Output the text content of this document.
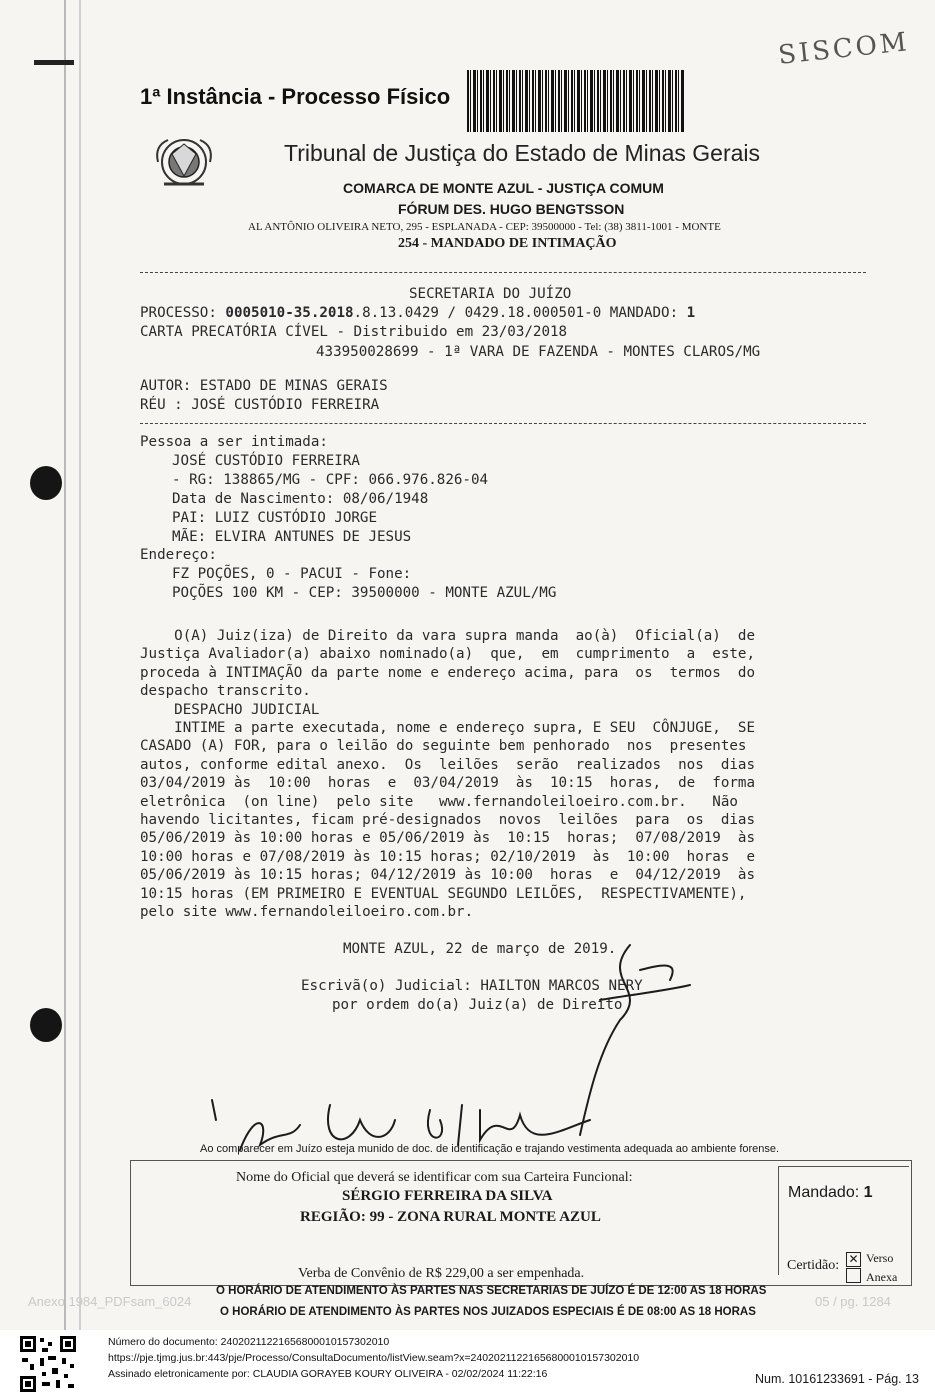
SISCOM
1ª Instância - Processo Físico
Tribunal de Justiça do Estado de Minas Gerais
COMARCA DE MONTE AZUL - JUSTIÇA COMUM
FÓRUM DES. HUGO BENGTSSON
AL ANTÔNIO OLIVEIRA NETO, 295 - ESPLANADA - CEP: 39500000 - Tel: (38) 3811-1001 - MONTE
254 - MANDADO DE INTIMAÇÃO
SECRETARIA DO JUÍZO
PROCESSO: 0005010-35.2018.8.13.0429 / 0429.18.000501-0 MANDADO: 1
CARTA PRECATÓRIA CÍVEL - Distribuido em 23/03/2018
433950028699 - 1ª VARA DE FAZENDA - MONTES CLAROS/MG
AUTOR: ESTADO DE MINAS GERAIS
RÉU : JOSÉ CUSTÓDIO FERREIRA
Pessoa a ser intimada:
JOSÉ CUSTÓDIO FERREIRA
- RG: 138865/MG - CPF: 066.976.826-04
Data de Nascimento: 08/06/1948
PAI: LUIZ CUSTÓDIO JORGE
MÃE: ELVIRA ANTUNES DE JESUS
Endereço:
FZ POÇÕES, 0 - PACUI - Fone:
POÇÕES 100 KM - CEP: 39500000 - MONTE AZUL/MG
O(A) Juiz(iza) de Direito da vara supra manda  ao(à)  Oficial(a)  de
Justiça Avaliador(a) abaixo nominado(a)  que,  em  cumprimento  a  este,
proceda à INTIMAÇÃO da parte nome e endereço acima, para  os  termos  do
despacho transcrito.
DESPACHO JUDICIAL
INTIME a parte executada, nome e endereço supra, E SEU  CÔNJUGE,  SE
CASADO (A) FOR, para o leilão do seguinte bem penhorado  nos  presentes
autos, conforme edital anexo.  Os  leilões  serão  realizados  nos  dias
03/04/2019 às  10:00  horas  e  03/04/2019  às  10:15  horas,  de  forma
eletrônica  (on line)  pelo site   www.fernandoleiloeiro.com.br.   Não
havendo licitantes, ficam pré-designados  novos  leilões  para  os  dias
05/06/2019 às 10:00 horas e 05/06/2019 às  10:15  horas;  07/08/2019  às
10:00 horas e 07/08/2019 às 10:15 horas; 02/10/2019  às  10:00  horas  e
05/06/2019 às 10:15 horas; 04/12/2019 às 10:00  horas  e  04/12/2019  às
10:15 horas (EM PRIMEIRO E EVENTUAL SEGUNDO LEILÕES,  RESPECTIVAMENTE),
pelo site www.fernandoleiloeiro.com.br.
MONTE AZUL, 22 de março de 2019.
Escrivã(o) Judicial: HAILTON MARCOS NERY
por ordem do(a) Juiz(a) de Direito
Ao comparecer em Juízo esteja munido de doc. de identificação e trajando vestimenta adequada ao ambiente forense.
Nome do Oficial que deverá se identificar com sua Carteira Funcional:
SÉRGIO FERREIRA DA SILVA
REGIÃO: 99 - ZONA RURAL MONTE AZUL
Mandado: 1
Verba de Convênio de R$ 229,00 a ser empenhada.
Certidão: ✕ Verso
Anexa
O HORÁRIO DE ATENDIMENTO ÀS PARTES NAS SECRETARIAS DE JUÍZO É DE 12:00 AS 18 HORAS
O HORÁRIO DE ATENDIMENTO ÀS PARTES NOS JUIZADOS ESPECIAIS É DE 08:00 AS 18 HORAS
Anexo 1984_PDFsam_6024	05 / pg. 1284
Número do documento: 24020211221656800010157302010
https://pje.tjmg.jus.br:443/pje/Processo/ConsultaDocumento/listView.seam?x=24020211221656800010157302010
Assinado eletronicamente por: CLAUDIA GORAYEB KOURY OLIVEIRA - 02/02/2024 11:22:16	Num. 10161233691 - Pág. 13
